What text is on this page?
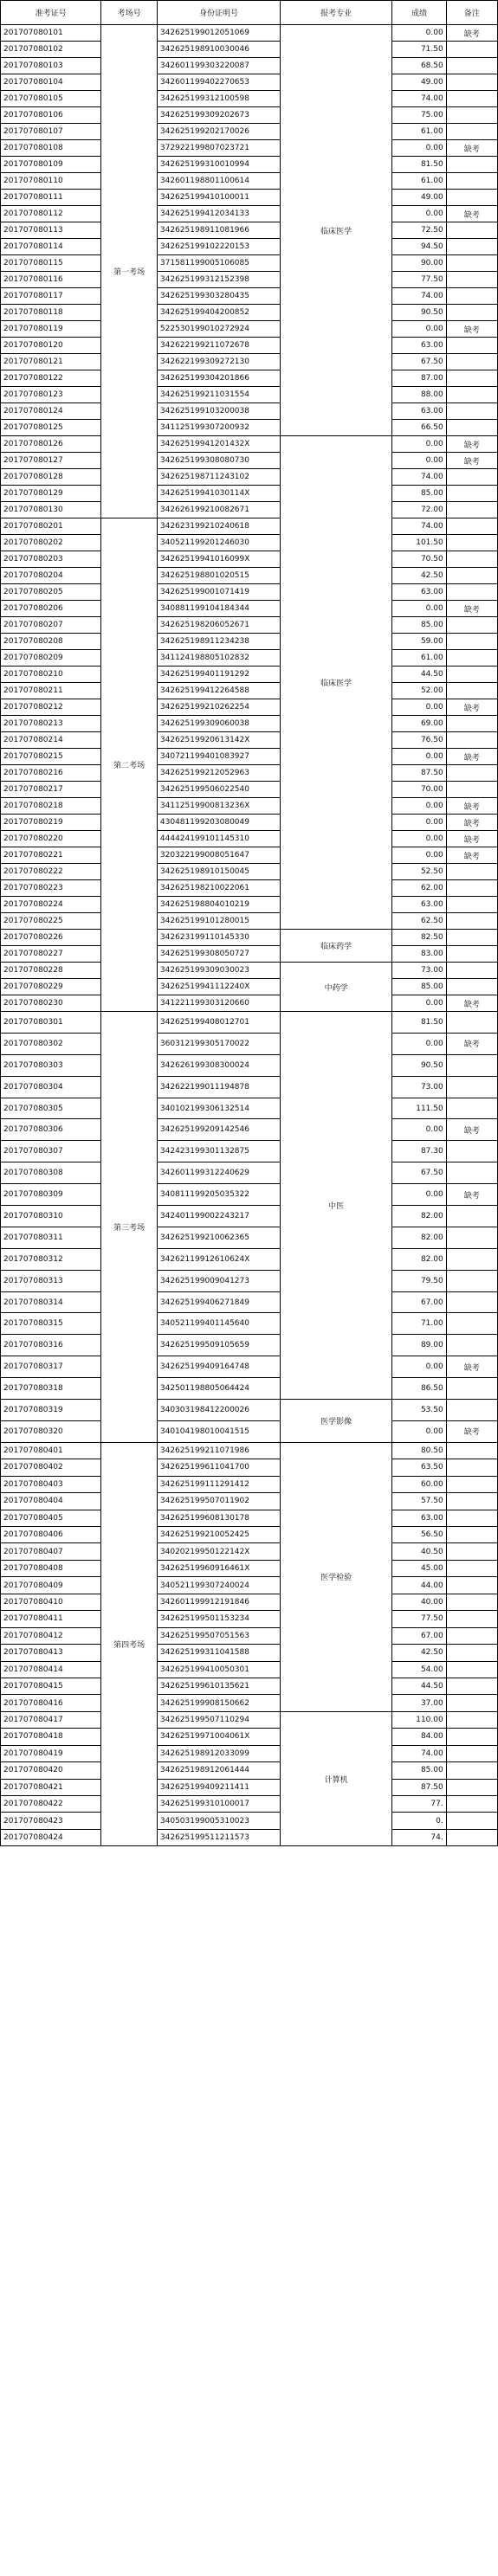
准考证号	考场号	身份证明号	报考专业	成绩	备注
201707080101	第一考场	342625199012051069	临床医学	0.00	缺考
201707080102		342625198910030046		71.50	
201707080103		342601199303220087		68.50	
201707080104		342601199402270653		49.00	
201707080105		342625199312100598		74.00	
201707080106		342625199309202673		75.00	
201707080107		342625199202170026		61.00	
201707080108		372922199807023721		0.00	缺考
201707080109		342625199310010994		81.50	
201707080110		342601198801100614		61.00	
201707080111		342625199410100011		49.00	
201707080112		342625199412034133		0.00	缺考
201707080113		342625198911081966		72.50	
201707080114		342625199102220153		94.50	
201707080115		371581199005106085		90.00	
201707080116		342625199312152398		77.50	
201707080117		342625199303280435		74.00	
201707080118		342625199404200852		90.50	
201707080119		522530199010272924		0.00	缺考
201707080120		342622199211072678		63.00	
201707080121		342622199309272130		67.50	
201707080122		342625199304201866		87.00	
201707080123		342625199211031554		88.00	
201707080124		342625199103200038		63.00	
201707080125		341125199307200932		66.50	
201707080126		34262519941201432X	临床医学	0.00	缺考
201707080127		342625199308080730		0.00	缺考
201707080128		342625198711243102		74.00	
201707080129		34262519941030114X		85.00	
201707080130		342626199210082671		72.00	
201707080201	第二考场	342623199210240618		74.00	
201707080202		340521199201246030		101.50	
201707080203		34262519941016099X		70.50	
201707080204		342625198801020515		42.50	
201707080205		342625199001071419		63.00	
201707080206		340881199104184344		0.00	缺考
201707080207		342625198206052671		85.00	
201707080208		342625198911234238		59.00	
201707080209		341124198805102832		61.00	
201707080210		342625199401191292		44.50	
201707080211		342625199412264588		52.00	
201707080212		342625199210262254		0.00	缺考
201707080213		342625199309060038		69.00	
201707080214		34262519920613142X		76.50	
201707080215		340721199401083927		0.00	缺考
201707080216		342625199212052963		87.50	
201707080217		342625199506022540		70.00	
201707080218		34112519900813236X		0.00	缺考
201707080219		430481199203080049		0.00	缺考
201707080220		444424199101145310		0.00	缺考
201707080221		320322199008051647		0.00	缺考
201707080222		342625198910150045		52.50	
201707080223		342625198210022061		62.00	
201707080224		342625198804010219		63.00	
201707080225		342625199101280015		62.50	
201707080226		342623199110145330	临床药学	82.50	
201707080227		342625199308050727		83.00	
201707080228		342625199309030023	中药学	73.00	
201707080229		34262519941112240X		85.00	
201707080230		341221199303120660		0.00	缺考
201707080301	第三考场	342625199408012701	中医	81.50	
201707080302		360312199305170022		0.00	缺考
201707080303		342626199308300024		90.50	
201707080304		342622199011194878		73.00	
201707080305		340102199306132514		111.50	
201707080306		342625199209142546		0.00	缺考
201707080307		342423199301132875		87.30	
201707080308		342601199312240629		67.50	
201707080309		340811199205035322		0.00	缺考
201707080310		342401199002243217		82.00	
201707080311		342625199210062365		82.00	
201707080312		34262119912610624X		82.00	
201707080313		342625199009041273		79.50	
201707080314		342625199406271849		67.00	
201707080315		340521199401145640		71.00	
201707080316		342625199509105659		89.00	
201707080317		342625199409164748		0.00	缺考
201707080318		342501198805064424		86.50	
201707080319		340303198412200026	医学影像	53.50	
201707080320		340104198010041515		0.00	缺考
201707080401	第四考场	342625199211071986	医学检验	80.50	
201707080402		342625199611041700		63.50	
201707080403		342625199111291412		60.00	
201707080404		342625199507011902		57.50	
201707080405		342625199608130178		63.00	
201707080406		342625199210052425		56.50	
201707080407		34020219950122142X		40.50	
201707080408		34262519960916461X		45.00	
201707080409		340521199307240024		44.00	
201707080410		342601199912191846		40.00	
201707080411		342625199501153234		77.50	
201707080412		342625199507051563		67.00	
201707080413		342625199311041588		42.50	
201707080414		342625199410050301		54.00	
201707080415		342625199610135621		44.50	
201707080416		342625199908150662		37.00	
201707080417		342625199507110294	计算机	110.00	
201707080418		34262519971004061X		84.00	
201707080419		342625198912033099		74.00	
201707080420		342625198912061444		85.00	
201707080421		342625199409211411		87.50	
201707080422		342625199310100017		77.	
201707080423		340503199005310023		0.	
201707080424		342625199511211573		74.	
